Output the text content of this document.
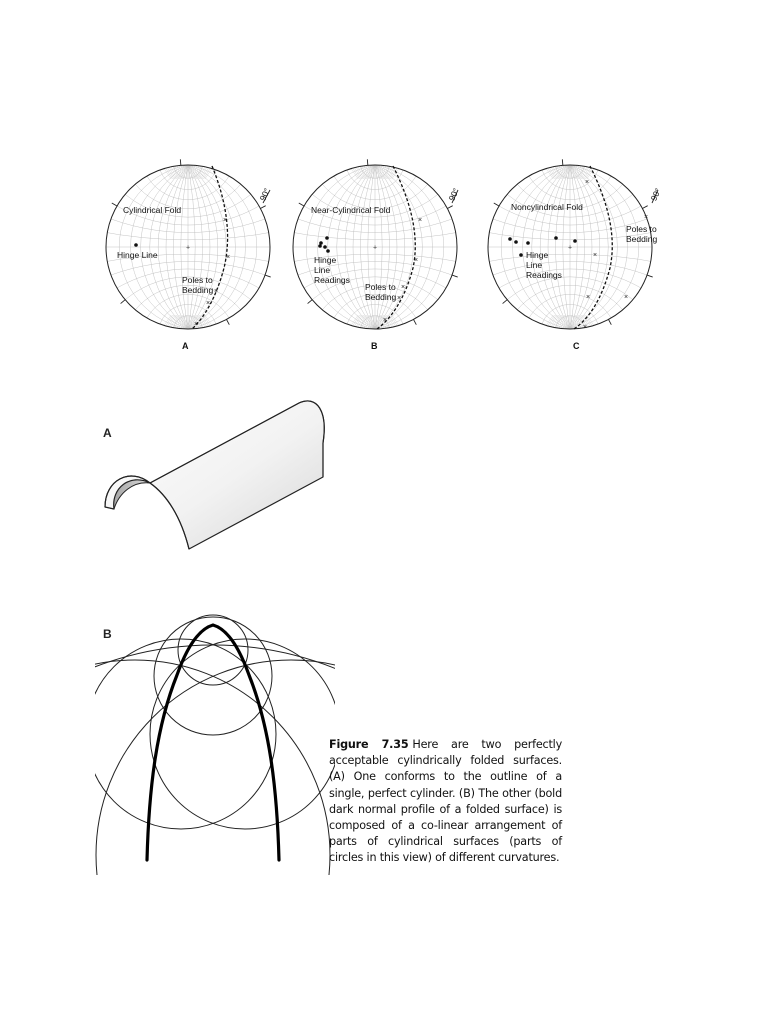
+
×
×
×
×
×
+
×
×
×
×
×
+
×
×
×
×	×
×
Cylindrical Fold
Hinge Line
Poles to
Bedding
90°
A
Near-Cylindrical Fold
Hinge
Line
Readings
Poles to
Bedding
90°
B
Noncylindrical Fold
Poles to
Bedding
Hinge
Line
Readings
90°
C
A
B
Figure 7.35 Here are two perfectly acceptable cylindrically folded surfaces. (A) One conforms to the outline of a single, perfect cylinder. (B) The other (bold dark normal profile of a folded surface) is composed of a co-linear arrangement of parts of cylindrical surfaces (parts of circles in this view) of different curvatures.
